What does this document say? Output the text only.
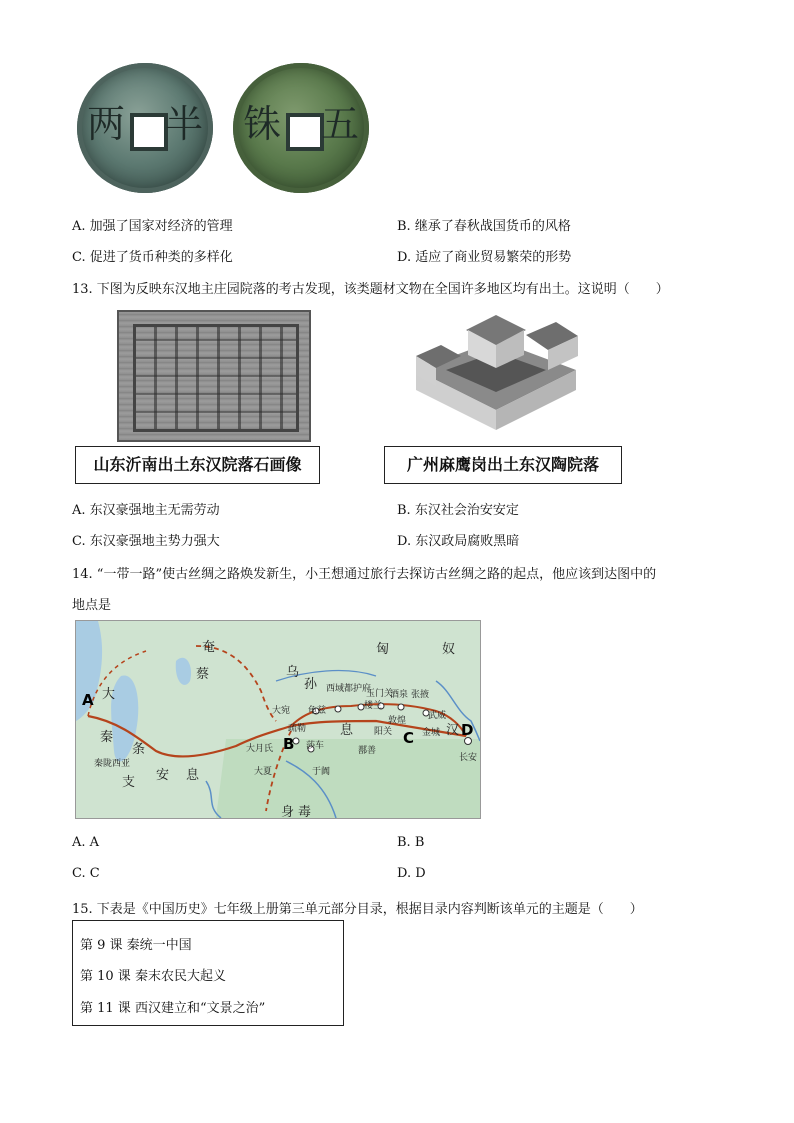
两 半 铢 五
A. 加强了国家对经济的管理	B. 继承了春秋战国货币的风格
C. 促进了货币种类的多样化	D. 适应了商业贸易繁荣的形势
13. 下图为反映东汉地主庄园院落的考古发现，该类题材文物在全国许多地区均有出土。这说明（　　）
山东沂南出土东汉院落石画像	广州麻鹰岗出土东汉陶院落
A. 东汉豪强地主无需劳动	B. 东汉社会治安安定
C. 东汉豪强地主势力强大	D. 东汉政局腐败黑暗
14. “一带一路”使古丝绸之路焕发新生，小王想通过旅行去探访古丝绸之路的起点，他应该到达图中的
地点是
A
B	C	D
匈	奴
奄
蔡
大
秦
条
支 安 息
息	汉
身 毒
乌
孙 西域都护府
龟兹	楼兰
玉门关
酒泉 张掖
武威
敦煌
阳关
疏勒
莎车
于阗
鄯善
大宛
大月氏
大夏
长安
金城
秦陇西亚
A. A	B. B
C. C	D. D
15. 下表是《中国历史》七年级上册第三单元部分目录，根据目录内容判断该单元的主题是（　　）
第 9 课 秦统一中国
第 10 课 秦末农民大起义
第 11 课 西汉建立和“文景之治”
